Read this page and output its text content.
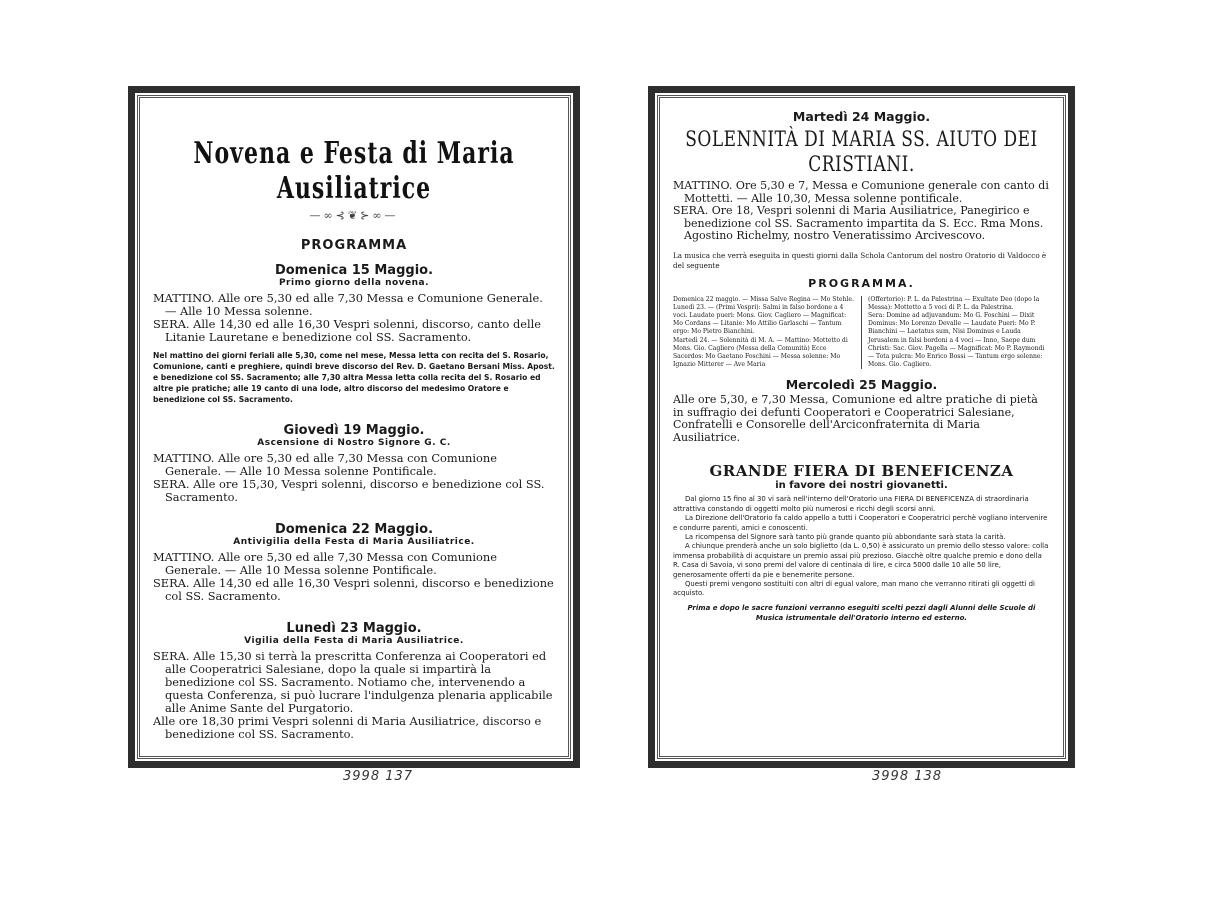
Novena e Festa di Maria Ausiliatrice
—∞⊰❦⊱∞—
PROGRAMMA
Domenica 15 Maggio.
Primo giorno della novena.

MATTINO. Alle ore 5,30 ed alle 7,30 Messa e Comunione Generale. — Alle 10 Messa solenne.

SERA. Alle 14,30 ed alle 16,30 Vespri solenni, discorso, canto delle Litanie Lauretane e benedizione col SS. Sacramento.

Nel mattino dei giorni feriali alle 5,30, come nel mese, Messa letta con recita del S. Rosario, Comunione, canti e preghiere, quindi breve discorso del Rev. D. Gaetano Bersani Miss. Apost. e benedizione col SS. Sacramento; alle 7,30 altra Messa letta colla recita del S. Rosario ed altre pie pratiche; alle 19 canto di una lode, altro discorso del medesimo Oratore e benedizione col SS. Sacramento.
Giovedì 19 Maggio.
Ascensione di Nostro Signore G. C.

MATTINO. Alle ore 5,30 ed alle 7,30 Messa con Comunione Generale. — Alle 10 Messa solenne Pontificale.

SERA. Alle ore 15,30, Vespri solenni, discorso e benedizione col SS. Sacramento.

Domenica 22 Maggio.
Antivigilia della Festa di Maria Ausiliatrice.

MATTINO. Alle ore 5,30 ed alle 7,30 Messa con Comunione Generale. — Alle 10 Messa solenne Pontificale.

SERA. Alle 14,30 ed alle 16,30 Vespri solenni, discorso e benedizione col SS. Sacramento.

Lunedì 23 Maggio.
Vigilia della Festa di Maria Ausiliatrice.

SERA. Alle 15,30 si terrà la prescritta Conferenza ai Cooperatori ed alle Cooperatrici Salesiane, dopo la quale si impartirà la benedizione col SS. Sacramento. Notiamo che, intervenendo a questa Conferenza, si può lucrare l'indulgenza plenaria applicabile alle Anime Sante del Purgatorio.

Alle ore 18,30 primi Vespri solenni di Maria Ausiliatrice, discorso e benedizione col SS. Sacramento.

3998 137
Martedì 24 Maggio.
SOLENNITÀ DI MARIA SS. AIUTO DEI CRISTIANI.

MATTINO. Ore 5,30 e 7, Messa e Comunione generale con canto di Mottetti. — Alle 10,30, Messa solenne pontificale.

SERA. Ore 18, Vespri solenni di Maria Ausiliatrice, Panegirico e benedizione col SS. Sacramento impartita da S. Ecc. Rma Mons. Agostino Richelmy, nostro Veneratissimo Arcivescovo.

La musica che verrà eseguita in questi giorni dalla Schola Cantorum del nostro Oratorio di Valdocco è del seguente
PROGRAMMA.

Domenica 22 maggio. — Missa Salve Regina — Mo Stehle.

Lunedì 23. — (Primi Vespri): Salmi in falso bordone a 4 voci. Laudate pueri: Mons. Giov. Cagliero — Magnificat: Mo Cordans — Litanie: Mo Attilio Garlaschi — Tantum ergo: Mo Pietro Bianchini.

Martedì 24. — Solennità di M. A. — Mattino: Mottetto di Mons. Gio. Cagliero (Messa della Comunità) Ecce Sacerdos: Mo Gaetano Foschini — Messa solenne: Mo Ignazio Mitterer — Ave Maria

(Offertorio): P. L. da Palestrina — Exultate Deo (dopo la Messa): Mottetto a 5 voci di P. L. da Palestrina.

Sera: Domine ad adjuvandum: Mo G. Foschini — Dixit Dominus: Mo Lorenzo Devalle — Laudate Pueri: Mo P. Bianchini — Laetatus sum, Nisi Dominus e Lauda Jerusalem in falsi bordoni a 4 voci — Inno, Saepe dum Christi: Sac. Giov. Pagella — Magnificat: Mo P. Raymondi — Tota pulcra: Mo Enrico Bossi — Tantum ergo solenne: Mons. Gio. Cagliero.

Mercoledì 25 Maggio.
Alle ore 5,30, e 7,30 Messa, Comunione ed altre pratiche di pietà in suffragio dei defunti Cooperatori e Cooperatrici Salesiane, Confratelli e Consorelle dell'Arciconfraternita di Maria Ausiliatrice.
GRANDE FIERA DI BENEFICENZA
in favore dei nostri giovanetti.

Dal giorno 15 fino al 30 vi sarà nell'interno dell'Oratorio una FIERA DI BENEFICENZA di straordinaria attrattiva constando di oggetti molto più numerosi e ricchi degli scorsi anni.

La Direzione dell'Oratorio fa caldo appello a tutti i Cooperatori e Cooperatrici perchè vogliano intervenire e condurre parenti, amici e conoscenti.

La ricompensa del Signore sarà tanto più grande quanto più abbondante sarà stata la carità.

A chiunque prenderà anche un solo biglietto (da L. 0,50) è assicurato un premio dello stesso valore: colla immensa probabilità di acquistare un premio assai più prezioso. Giacchè oltre qualche premio e dono della R. Casa di Savoia, vi sono premi del valore di centinaia di lire, e circa 5000 dalle 10 alle 50 lire, generosamente offerti da pie e benemerite persone.

Questi premi vengono sostituiti con altri di egual valore, man mano che verranno ritirati gli oggetti di acquisto.

Prima e dopo le sacre funzioni verranno eseguiti scelti pezzi dagli Alunni delle Scuole di Musica istrumentale dell'Oratorio interno ed esterno.
3998 138
